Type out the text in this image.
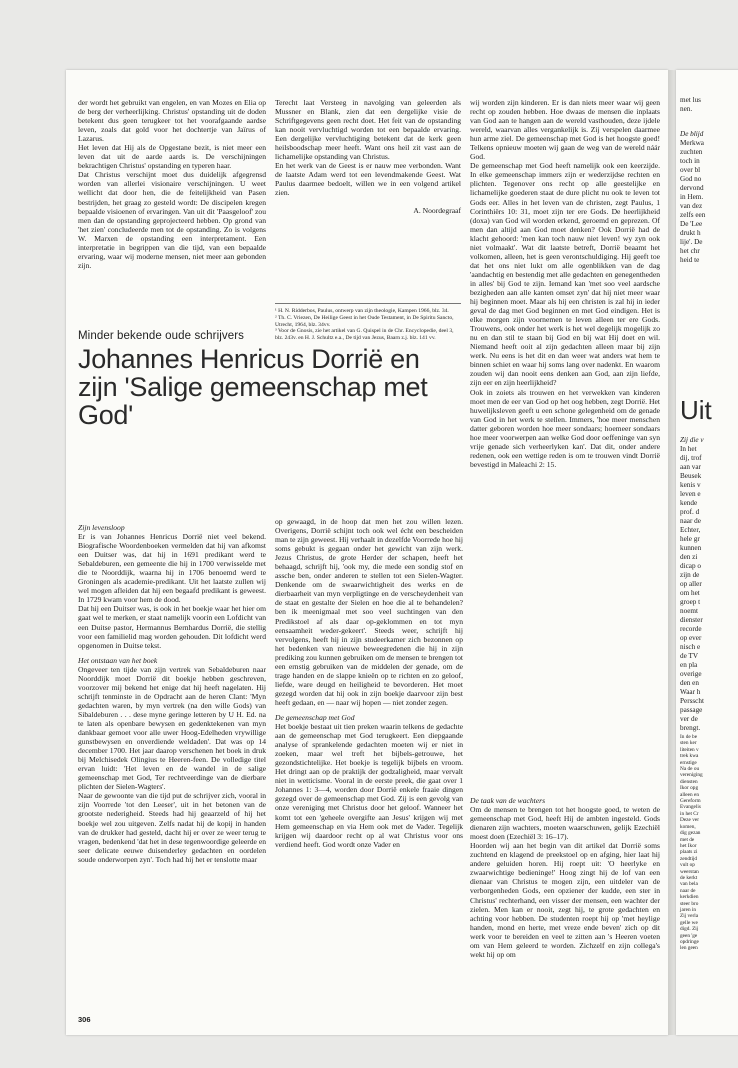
der wordt het gebruikt van engelen, en van Mozes en Elia op de berg der verheerlijking. Christus' opstanding uit de doden betekent dus geen terugkeer tot het voorafgaande aardse leven, zoals dat gold voor het dochtertje van Jaïrus of Lazarus.

Het leven dat Hij als de Opgestane bezit, is niet meer een leven dat uit de aarde aards is. De verschijningen bekrachtigen Christus' opstanding en typeren haar.

Dat Christus verschijnt moet dus duidelijk afgegrensd worden van allerlei visionaire verschijningen. U weet wellicht dat door hen, die de feitelijkheid van Pasen bestrijden, het graag zo gesteld wordt: De discipelen kregen bepaalde visioenen of ervaringen. Van uit dit 'Paasgeloof' zou men dan de opstanding geprojecteerd hebben. Op grond van 'het zien' concludeerde men tot de opstanding. Zo is volgens W. Marxen de opstanding een interpretament. Een interpretatie in begrippen van die tijd, van een bepaalde ervaring, waar wij moderne mensen, niet meer aan gebonden zijn.

Terecht laat Versteeg in navolging van geleerden als Mussner en Blank, zien dat een dergelijke visie de Schriftgegevens geen recht doet. Het feit van de opstanding kan nooit vervluchtigd worden tot een bepaalde ervaring. Een dergelijke vervluchtiging betekent dat de kerk geen heilsboodschap meer heeft. Want ons heil zit vast aan de lichamelijke opstanding van Christus.

En het werk van de Geest is er nauw mee verbonden. Want de laatste Adam werd tot een levendmakende Geest. Wat Paulus daarmee bedoelt, willen we in een volgend artikel zien.

A. Noordegraaf

¹ H. N. Ridderbos, Paulus, ontwerp van zijn theologie, Kampen 1966, blz. 34.

² Th. C. Vriezen, De Heilige Geest in het Oude Testament, in De Spiritu Sancto, Utrecht, 1964, blz. 34vv.

³ Voor de Gnosis, zie het artikel van G. Quispel in de Chr. Encyclopedie, deel 3, blz. 243v. en H. J. Schultz e.a., De tijd van Jezus, Baarn z.j. blz. 141 vv.

wij worden zijn kinderen. Er is dan niets meer waar wij geen recht op zouden hebben. Hoe dwaas de mensen die inplaats van God aan te hangen aan de wereld vasthouden, deze ijdele wereld, waarvan alles vergankelijk is. Zij verspelen daarmee hun arme ziel. De gemeenschap met God is het hoogste goed! Telkens opnieuw moeten wij gaan de weg van de wereld náár God.

De gemeenschap met God heeft namelijk ook een keerzijde. In elke gemeenschap immers zijn er wederzijdse rechten en plichten. Tegenover ons recht op alle geestelijke en lichamelijke goederen staat de dure plicht nu ook te leven tot Gods eer. Alles in het leven van de christen, zegt Paulus, 1 Corinthiërs 10: 31, moet zijn ter ere Gods. De heerlijkheid (doxa) van God wil worden erkend, geroemd en geprezen. Of men dan altijd aan God moet denken? Ook Dorrië had de klacht gehoord: 'men kan toch nauw niet leven! wy zyn ook niet volmaakt'. Wat dit laatste betreft, Dorrië beaamt het volkomen, alleen, het is geen verontschuldiging. Hij geeft toe dat het ons niet lukt om alle ogenblikken van de dag 'aandachtig en bestendig met alle gedachten en genegentheden in alles' bij God te zijn. Iemand kan 'met soo veel aardsche bezigheden aan alle kanten omset zyn' dat hij niet meer waar hij beginnen moet. Maar als hij een christen is zal hij in ieder geval de dag met God beginnen en met God eindigen. Het is elke morgen zijn voornemen te leven alleen ter ere Gods. Trouwens, ook onder het werk is het wel degelijk mogelijk zo nu en dan stil te staan bij God en bij wat Hij doet en wil. Niemand heeft ooit al zijn gedachten alleen maar bij zijn werk. Nu eens is het dit en dan weer wat anders wat hem te binnen schiet en waar hij soms lang over nadenkt. En waarom zouden wij dan nooit eens denken aan God, aan zijn liefde, zijn eer en zijn heerlijkheid?

Ook in zoiets als trouwen en het verwekken van kinderen moet men de eer van God op het oog hebben, zegt Dorrië. Het huwelijksleven geeft u een schone gelegenheid om de genade van God in het werk te stellen. Immers, 'hoe meer menschen datter geboren worden hoe meer sondaars; hoemeer sondaars hoe meer voorwerpen aan welke God door oeffeninge van syn vrije genade sich verheerlyken kan'. Dat dit, onder andere redenen, ook een wettige reden is om te trouwen vindt Dorrië bevestigd in Maleachi 2: 15.

De taak van de wachters

Om de mensen te brengen tot het hoogste goed, te weten de gemeenschap met God, heeft Hij de ambten ingesteld. Gods dienaren zijn wachters, moeten waarschuwen, gelijk Ezechiël moest doen (Ezechiël 3: 16–17).

Hoorden wij aan het begin van dit artikel dat Dorrië soms zuchtend en klagend de preekstoel op en afging, hier laat hij andere geluiden horen. Hij roept uit: 'O heerlyke en zwaarwichtige bedieninge!' Hoog zingt hij de lof van een dienaar van Christus te mogen zijn, een uitdeler van de verborgenheden Gods, een opziener der kudde, een ster in Christus' rechterhand, een visser der mensen, een wachter der zielen. Men kan er nooit, zegt hij, te grote gedachten en achting voor hebben. De studenten roept hij op 'met heylige handen, mond en herte, met vreze ende beven' zich op dit werk voor te bereiden en veel te zitten aan 's Heeren voeten om van Hem geleerd te worden. Zichzelf en zijn collega's wekt hij op om

Minder bekende oude schrijvers
Johannes Henricus Dorrië en zijn 'Salige gemeenschap met God'

Zijn levensloop

Er is van Johannes Henricus Dorrië niet veel bekend. Biografische Woordenboeken vermelden dat hij van afkomst een Duitser was, dat hij in 1691 predikant werd te Sebaldeburen, een gemeente die hij in 1700 verwisselde met die te Noorddijk, waarna hij in 1706 benoemd werd te Groningen als academie-predikant. Uit het laatste zullen wij wel mogen afleiden dat hij een begaafd predikant is geweest. In 1729 kwam voor hem de dood.

Dat hij een Duitser was, is ook in het boekje waar het hier om gaat wel te merken, er staat namelijk voorin een Lofdicht van een Duitse pastor, Hermannus Bernhardus Dorrië, die stellig voor een familielid mag worden gehouden. Dit lofdicht werd opgenomen in Duitse tekst.

Het ontstaan van het boek

Ongeveer ten tijde van zijn vertrek van Sebaldeburen naar Noorddijk moet Dorrië dit boekje hebben geschreven, voorzover mij bekend het enige dat hij heeft nagelaten. Hij schrijft tenminste in de Opdracht aan de heren Clant: 'Myn gedachten waren, by myn vertrek (na den wille Gods) van Sibaldeburen . . . dese myne geringe letteren by U H. Ed. na te laten als openbare bewysen en gedenktekenen van myn dankbaar gemoet voor alle uwer Hoog-Edelheden vrywillige gunstbewysen en onverdiende weldaden'. Dat was op 14 december 1700. Het jaar daarop verschenen het boek in druk bij Melchisedek Olingius te Heeren-feen. De volledige titel ervan luidt: 'Het leven en de wandel in de salige gemeenschap met God, Ter rechtveerdinge van de dierbare plichten der Sielen-Wagters'.

Naar de gewoonte van die tijd put de schrijver zich, vooral in zijn Voorrede 'tot den Leeser', uit in het betonen van de grootste nederigheid. Steeds had hij geaarzeld of hij het boekje wel zou uitgeven. Zelfs nadat hij de kopij in handen van de drukker had gesteld, dacht hij er over ze weer terug te vragen, bedenkend 'dat het in dese tegenwoordige geleerde en seer delicate eeuwe duisenderley gedachten en oordelen soude onderworpen zyn'. Toch had hij het er tenslotte maar

op gewaagd, in de hoop dat men het zou willen lezen. Overigens, Dorrië schijnt toch ook wel écht een bescheiden man te zijn geweest. Hij verhaalt in dezelfde Voorrede hoe hij soms gebukt is gegaan onder het gewicht van zijn werk. Jezus Christus, de grote Herder der schapen, heeft het behaagd, schrijft hij, 'ook my, die mede een sondig stof en assche ben, onder anderen te stellen tot een Sielen-Wagter. Denkende om de swaarwichtigheit des werks en de dierbaarheit van myn verpligtinge en de verscheydenheit van de staat en gestalte der Sielen en hoe die al te behandelen? ben ik meenigmaal met soo veel suchtingen van den Predikstoel af als daar op-geklommen en tot myn eensaamheit weder-gekeert'. Steeds weer, schrijft hij vervolgens, heeft hij in zijn studeerkamer zich bezonnen op het bedenken van nieuwe beweegredenen die hij in zijn prediking zou kunnen gebruiken om de mensen te brengen tot een ernstig gebruiken van de middelen der genade, om de trage handen en de slappe knieën op te richten en zo geloof, liefde, ware deugd en heiligheid te bevorderen. Het moet gezegd worden dat hij ook in zijn boekje daarvoor zijn best heeft gedaan, en — naar wij hopen — niet zonder zegen.

De gemeenschap met God

Het boekje bestaat uit tien preken waarin telkens de gedachte aan de gemeenschap met God terugkeert. Een diepgaande analyse of sprankelende gedachten moeten wij er niet in zoeken, maar wel treft het bijbels-getrouwe, het gezondstichtelijke. Het boekje is tegelijk bijbels en vroom. Het dringt aan op de praktijk der godzaligheid, maar vervalt niet in wetticisme. Vooral in de eerste preek, die gaat over 1 Johannes 1: 3—4, worden door Dorrië enkele fraaie dingen gezegd over de gemeenschap met God. Zij is een gevolg van onze vereniging met Christus door het geloof. Wanneer het komt tot een 'geheele overgifte aan Jesus' krijgen wij met Hem gemeenschap en via Hem ook met de Vader. Tegelijk krijgen wij daardoor recht op al wat Christus voor ons verdiend heeft. God wordt onze Vader en

306

met lus

nen.

De blijd

Merkwa

zuchten

toch in

over bl

God no

dervond

in Hem.

van dez

zelfs een

De 'Lee

drukt h

lije'. De

het chr

heid te

Uit

Zij die v

In het

dij, trof

aan var

Beusek

kenis v

leven e

kende

prof. d

naar de

Echter,

hele gr

kunnen

den zi

dicap o

zijn de

op aller

om het

groep t

noemt

dienster

recorde

op ever

nisch e

de TV

en pla

overige

den en

Waar h

Persscht

passage

ver de

brengt.

In de be

sten ker

liteiten v

trek kwa

ernstige

Na de ou

vereniging

diensten

Ikor opg

alleen en

Gereform

Evangelis

in het Cr

Deze ver

komen,

dig gezan

met de

het Ikor

plaats zi

zendtijd

vult op

weerstan

de kerkt

van bela

naar de

kerkdien

steer bro

jaren in

Zij verla

gelle we

digd. Zij

geen 'ge

opdringe

len geen
